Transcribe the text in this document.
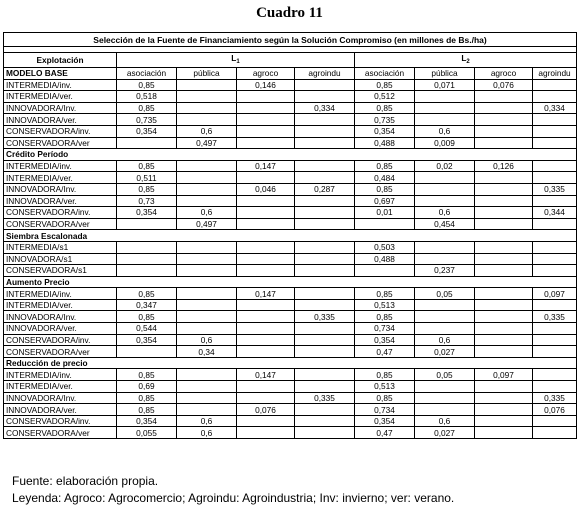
Cuadro 11
Selección de la Fuente de Financiamiento según la Solución Compromiso (en millones de Bs./ha)								

Explotación	$L_1$				$L_2$
MODELO BASE	asociación	pública	agroco	agroindu	asociación	pública	agroco	agroindu
INTERMEDIA/inv.	0,85		0,146		0,85	0,071	0,076	
INTERMEDIA/ver.	0,518				0,512			
INNOVADORA/Inv.	0,85			0,334	0,85			0,334
INNOVADORA/ver.	0,735				0,735			
CONSERVADORA/inv.	0,354	0,6			0,354	0,6		
CONSERVADORA/ver		0,497			0,488	0,009		
Crédito Período								
INTERMEDIA/inv.	0,85		0,147		0,85	0,02	0,126	
INTERMEDIA/ver.	0,511				0,484			
INNOVADORA/Inv.	0,85		0,046	0,287	0,85			0,335
INNOVADORA/ver.	0,73				0,697			
CONSERVADORA/inv.	0,354	0,6			0,01	0,6		0,344
CONSERVADORA/ver		0,497				0,454		
Siembra Escalonada								
INTERMEDIA/s1					0,503			
INNOVADORA/s1					0,488			
CONSERVADORA/s1						0,237		
Aumento Precio								
INTERMEDIA/inv.	0,85		0,147		0,85	0,05		0,097
INTERMEDIA/ver.	0,347				0,513			
INNOVADORA/Inv.	0,85			0,335	0,85			0,335
INNOVADORA/ver.	0,544				0,734			
CONSERVADORA/inv.	0,354	0,6			0,354	0,6		
CONSERVADORA/ver		0,34			0,47	0,027		
Reducción de precio								
INTERMEDIA/inv.	0,85		0,147		0,85	0,05	0,097	
INTERMEDIA/ver.	0,69				0,513			
INNOVADORA/Inv.	0,85			0,335	0,85			0,335
INNOVADORA/ver.	0,85		0,076		0,734			0,076
CONSERVADORA/inv.	0,354	0,6			0,354	0,6		
CONSERVADORA/ver	0,055	0,6			0,47	0,027		
Fuente: elaboración propia.
Leyenda: Agroco: Agrocomercio; Agroindu: Agroindustria; Inv: invierno; ver: verano.
